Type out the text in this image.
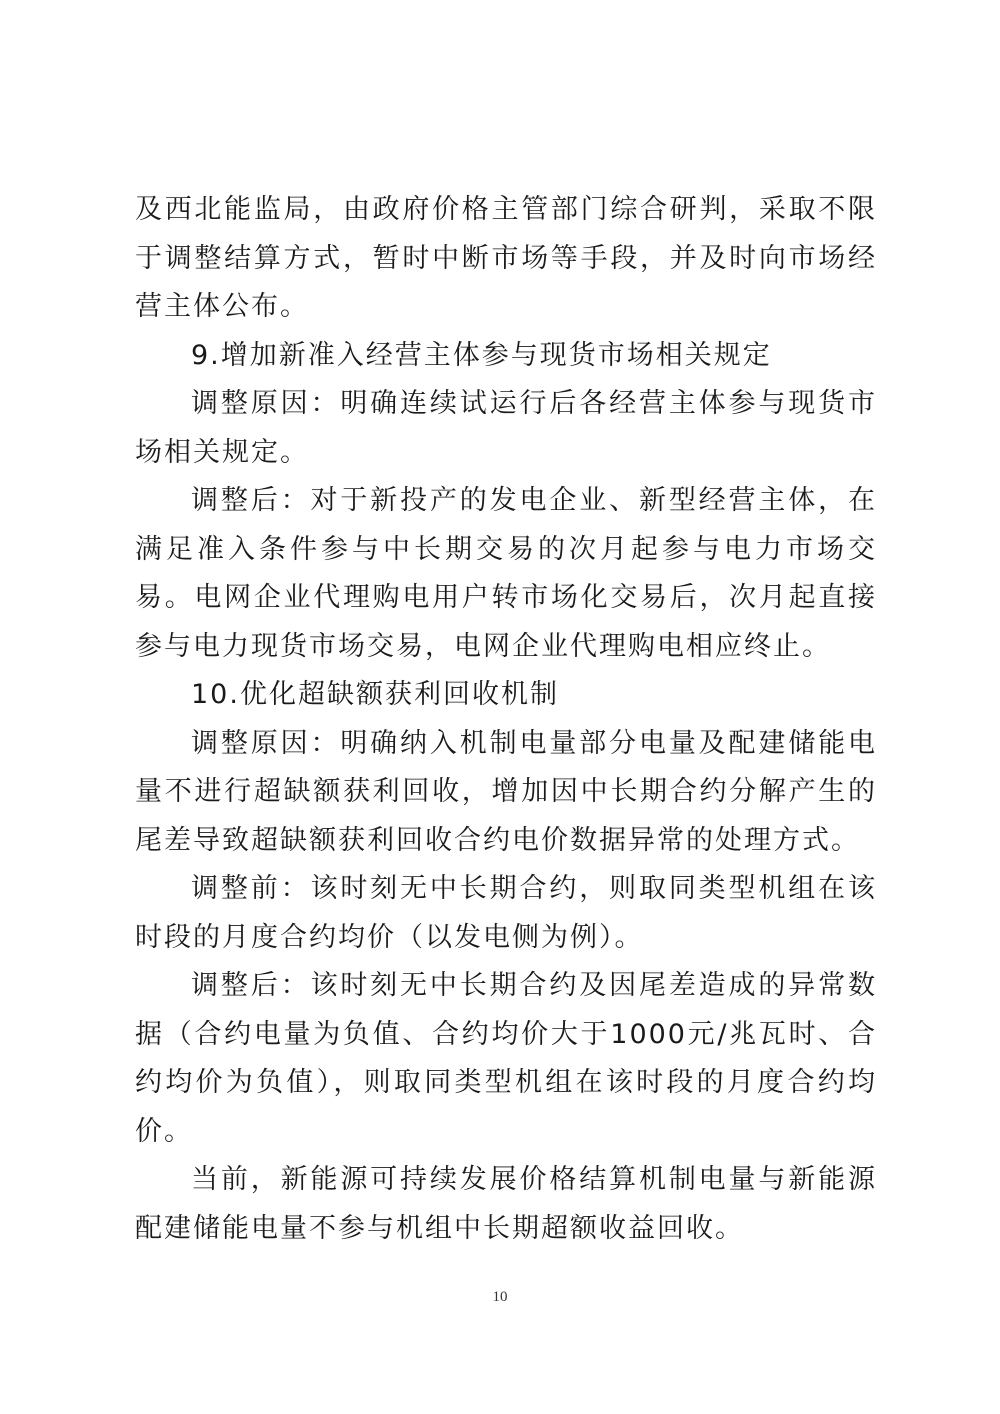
及西北能监局，由政府价格主管部门综合研判，采取不限于调整结算方式，暂时中断市场等手段，并及时向市场经营主体公布。

9.增加新准入经营主体参与现货市场相关规定

调整原因：明确连续试运行后各经营主体参与现货市场相关规定。

调整后：对于新投产的发电企业、新型经营主体，在满足准入条件参与中长期交易的次月起参与电力市场交易。电网企业代理购电用户转市场化交易后，次月起直接参与电力现货市场交易，电网企业代理购电相应终止。

10.优化超缺额获利回收机制

调整原因：明确纳入机制电量部分电量及配建储能电量不进行超缺额获利回收，增加因中长期合约分解产生的尾差导致超缺额获利回收合约电价数据异常的处理方式。

调整前：该时刻无中长期合约，则取同类型机组在该时段的月度合约均价（以发电侧为例）。

调整后：该时刻无中长期合约及因尾差造成的异常数据（合约电量为负值、合约均价大于1000元/兆瓦时、合约均价为负值），则取同类型机组在该时段的月度合约均价。

当前，新能源可持续发展价格结算机制电量与新能源配建储能电量不参与机组中长期超额收益回收。

10
